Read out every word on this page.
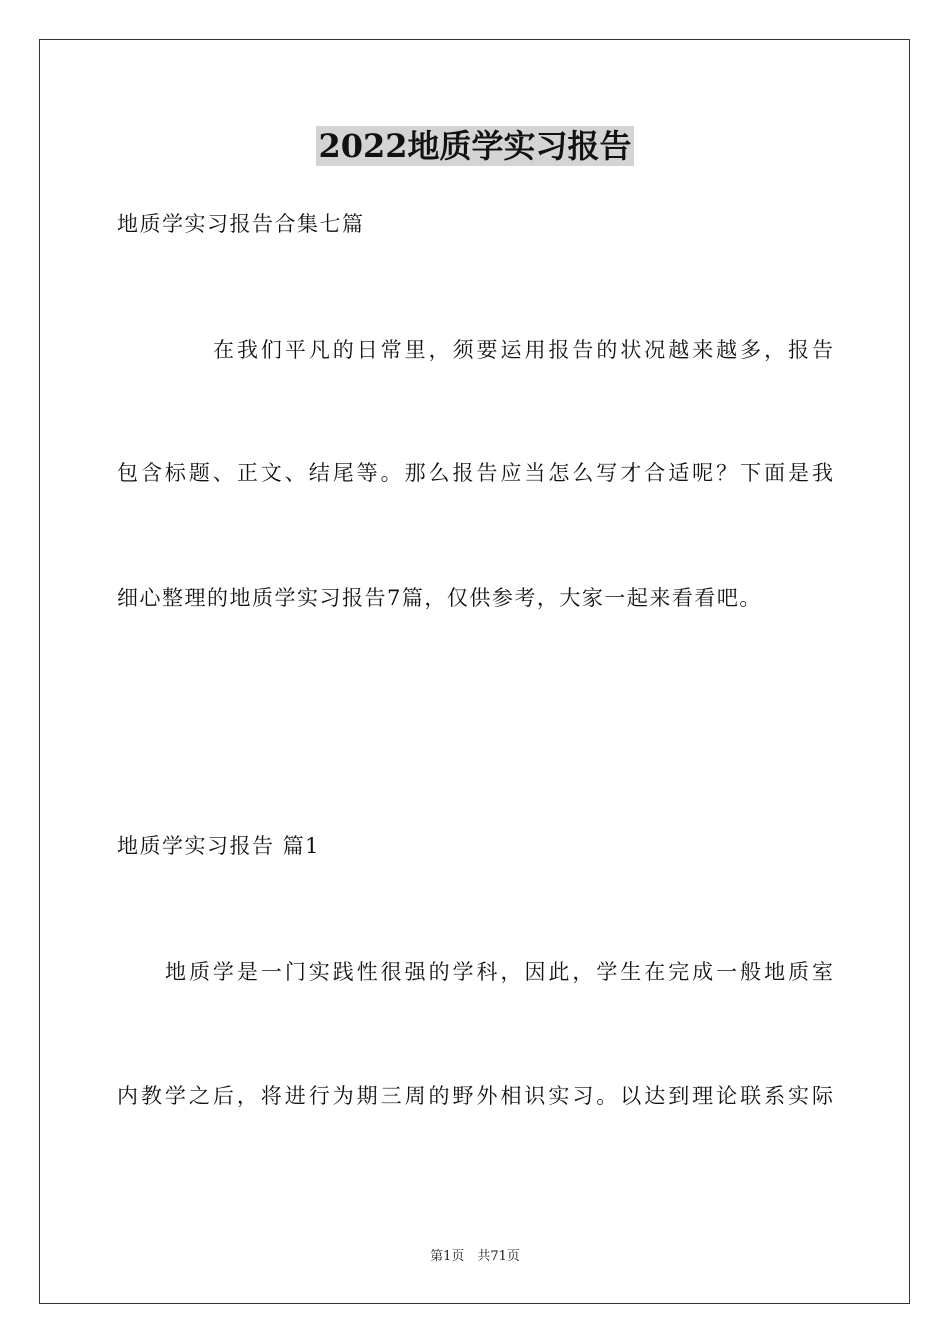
2022地质学实习报告
地质学实习报告合集七篇
在我们平凡的日常里，须要运用报告的状况越来越多，报告
包含标题、正文、结尾等。那么报告应当怎么写才合适呢？下面是我
细心整理的地质学实习报告7篇，仅供参考，大家一起来看看吧。
地质学实习报告 篇1
地质学是一门实践性很强的学科，因此，学生在完成一般地质室
内教学之后，将进行为期三周的野外相识实习。以达到理论联系实际
第1页　共71页
